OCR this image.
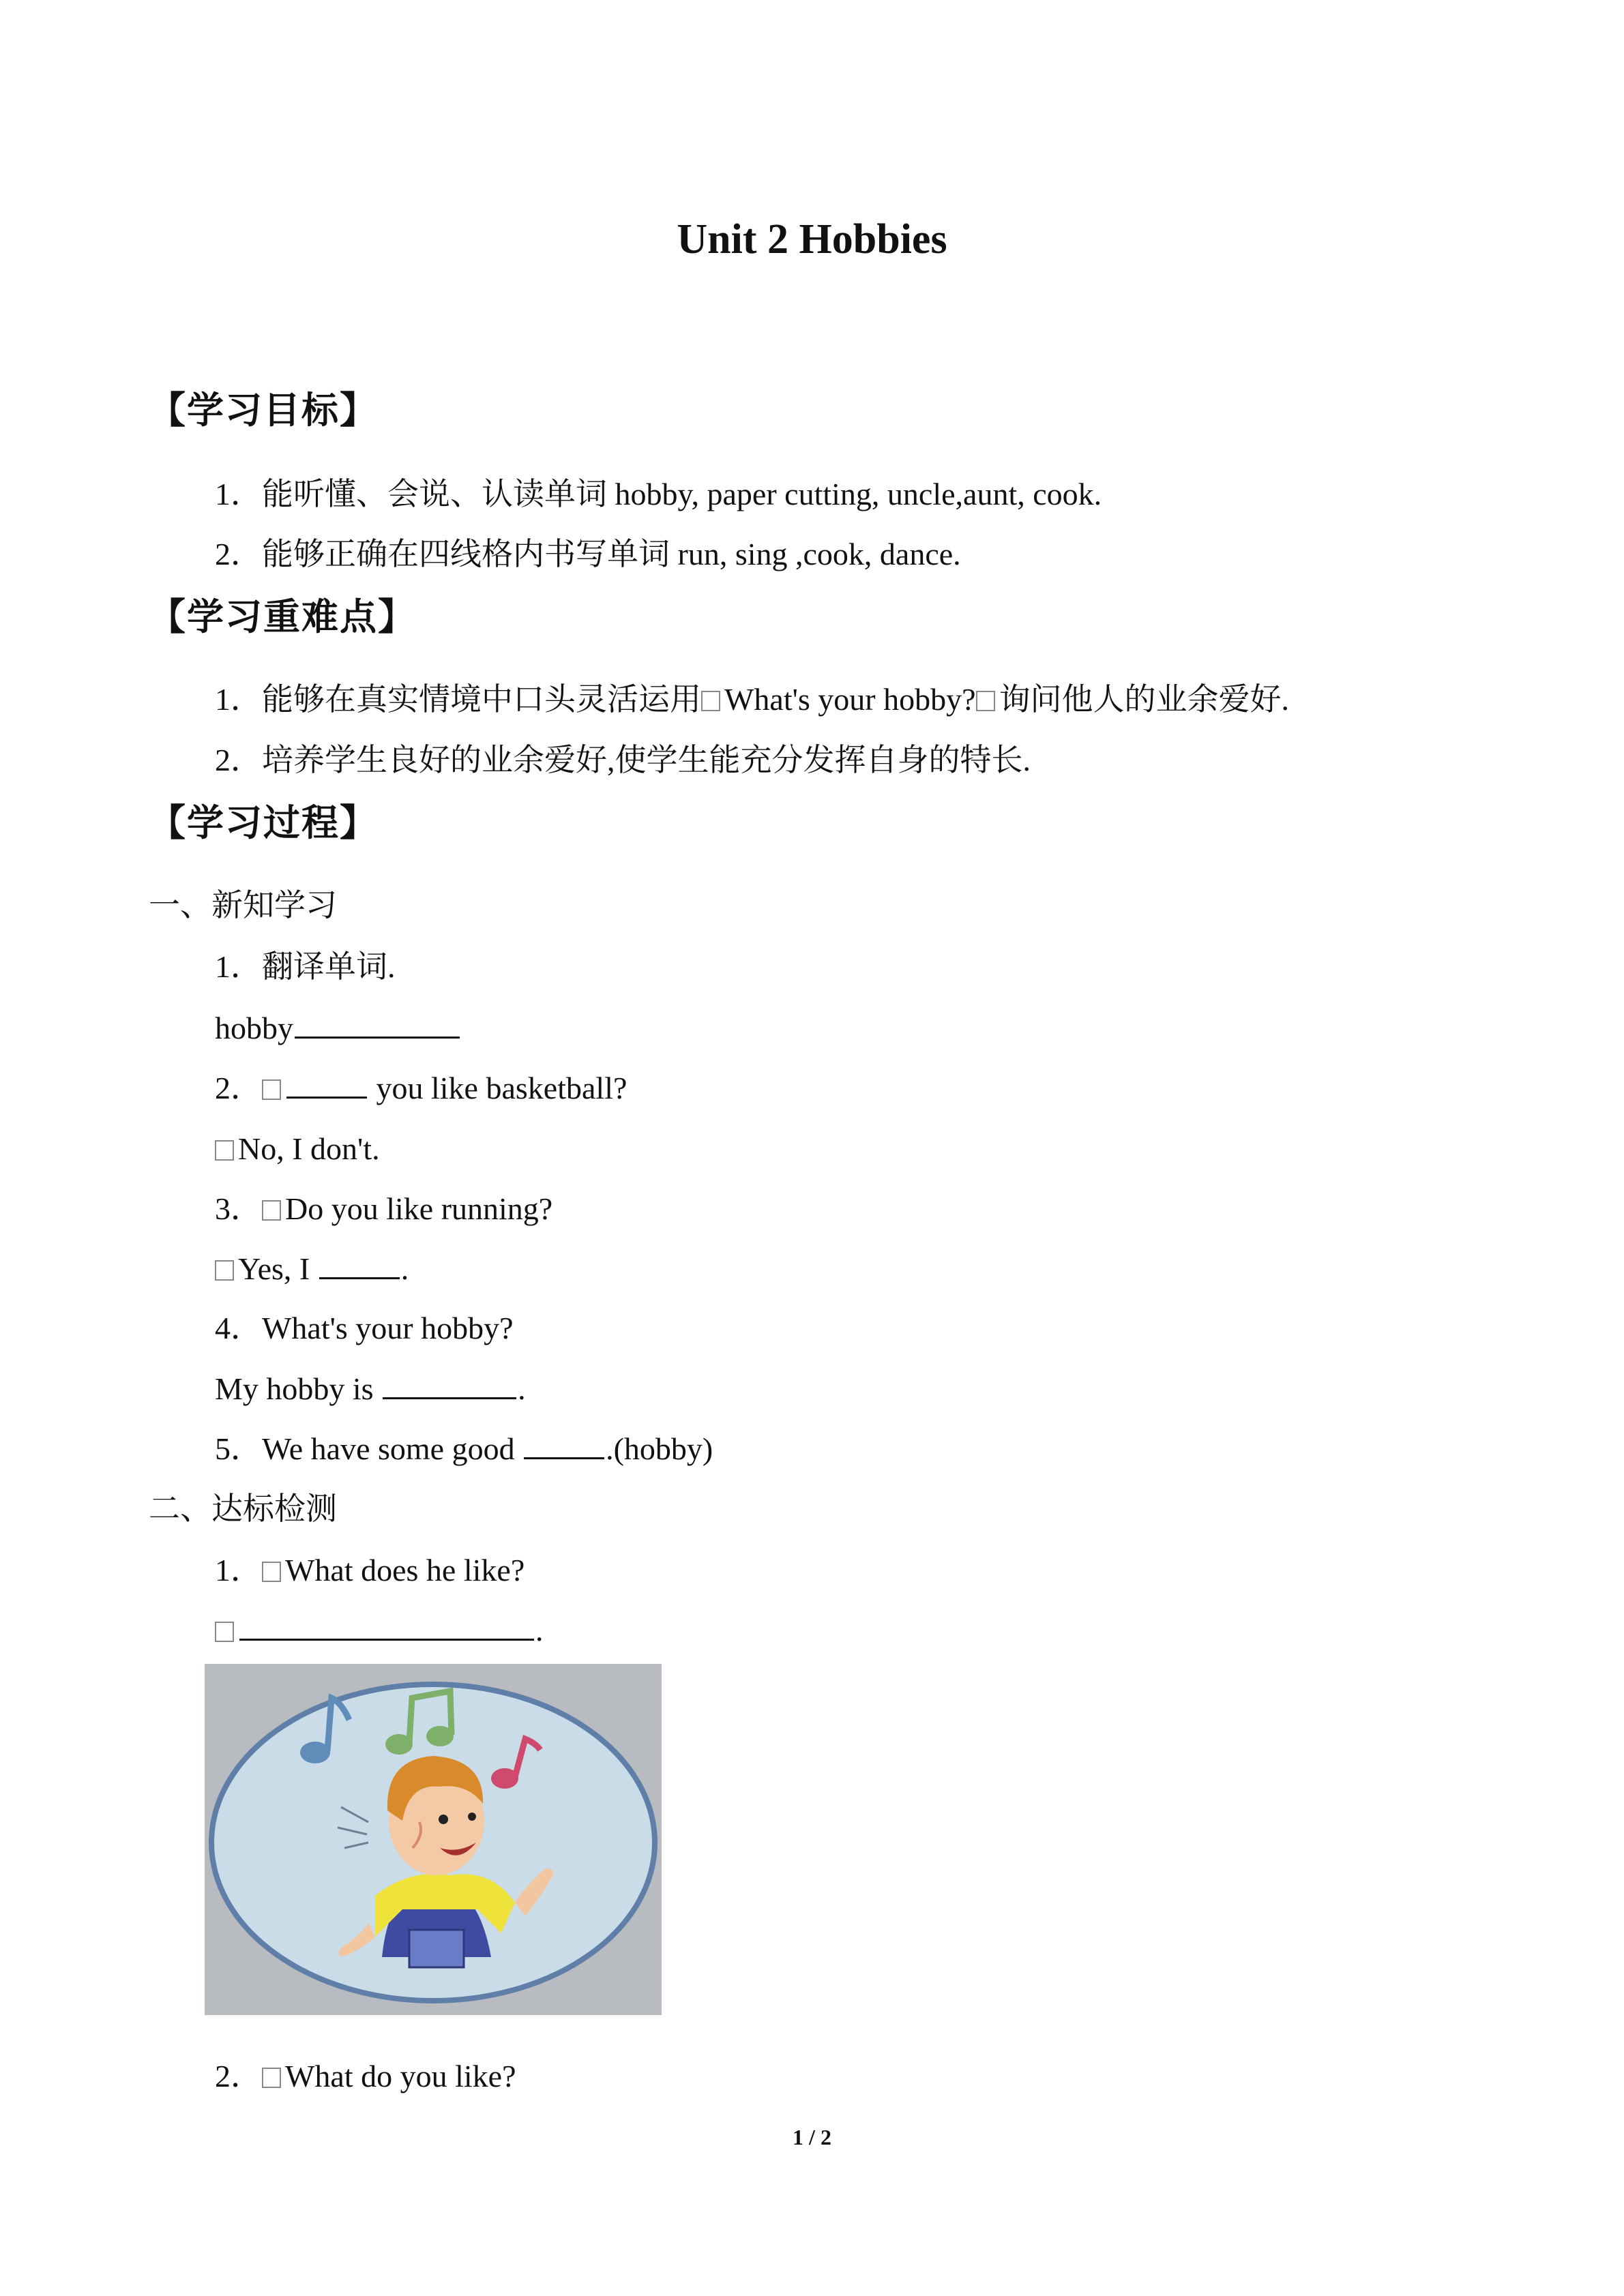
Unit 2 Hobbies
【学习目标】
1．能听懂、会说、认读单词 hobby, paper cutting, uncle,aunt, cook.
2．能够正确在四线格内书写单词 run, sing ,cook, dance.
【学习重难点】
1．能够在真实情境中口头灵活运用 What's your hobby? 询问他人的业余爱好.
2．培养学生良好的业余爱好,使学生能充分发挥自身的特长.
【学习过程】
一、新知学习
1．翻译单词.
hobby
2．	you like basketball?
No, I don't.
3． Do you like running?
Yes, I	.
4．What's your hobby?
My hobby is	.
5．We have some good	.(hobby)
二、达标检测
1． What does he like?
.
2． What do you like?
1 / 2
